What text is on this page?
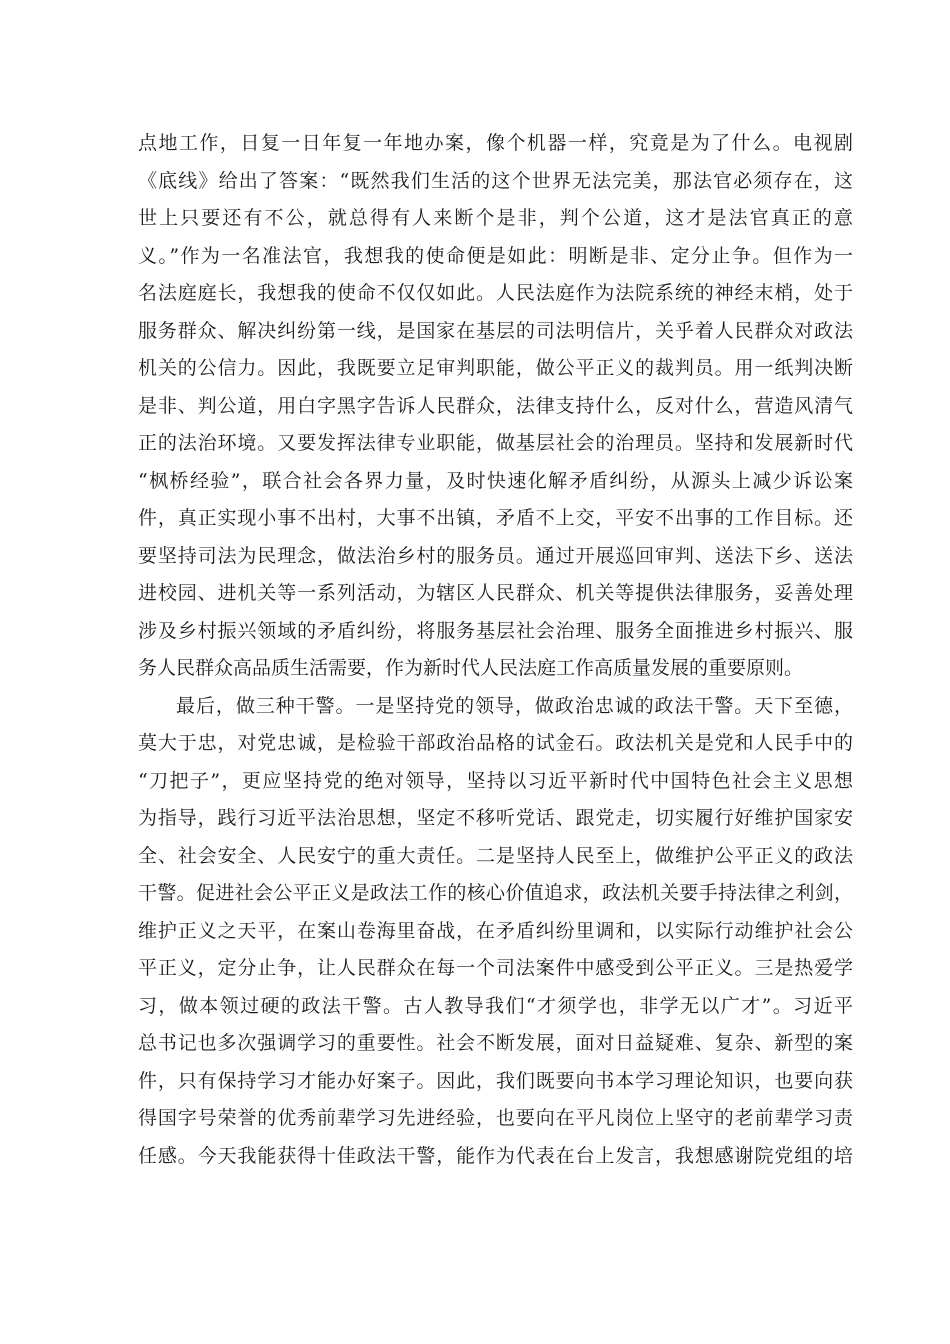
点地工作，日复一日年复一年地办案，像个机器一样，究竟是为了什么。电视剧
《底线》给出了答案：“既然我们生活的这个世界无法完美，那法官必须存在，这
世上只要还有不公，就总得有人来断个是非，判个公道，这才是法官真正的意
义。”作为一名准法官，我想我的使命便是如此：明断是非、定分止争。但作为一
名法庭庭长，我想我的使命不仅仅如此。人民法庭作为法院系统的神经末梢，处于
服务群众、解决纠纷第一线，是国家在基层的司法明信片，关乎着人民群众对政法
机关的公信力。因此，我既要立足审判职能，做公平正义的裁判员。用一纸判决断
是非、判公道，用白字黑字告诉人民群众，法律支持什么，反对什么，营造风清气
正的法治环境。又要发挥法律专业职能，做基层社会的治理员。坚持和发展新时代
“枫桥经验”，联合社会各界力量，及时快速化解矛盾纠纷，从源头上减少诉讼案
件，真正实现小事不出村，大事不出镇，矛盾不上交，平安不出事的工作目标。还
要坚持司法为民理念，做法治乡村的服务员。通过开展巡回审判、送法下乡、送法
进校园、进机关等一系列活动，为辖区人民群众、机关等提供法律服务，妥善处理
涉及乡村振兴领域的矛盾纠纷，将服务基层社会治理、服务全面推进乡村振兴、服
务人民群众高品质生活需要，作为新时代人民法庭工作高质量发展的重要原则。
最后，做三种干警。一是坚持党的领导，做政治忠诚的政法干警。天下至德，
莫大于忠，对党忠诚，是检验干部政治品格的试金石。政法机关是党和人民手中的
“刀把子”，更应坚持党的绝对领导，坚持以习近平新时代中国特色社会主义思想
为指导，践行习近平法治思想，坚定不移听党话、跟党走，切实履行好维护国家安
全、社会安全、人民安宁的重大责任。二是坚持人民至上，做维护公平正义的政法
干警。促进社会公平正义是政法工作的核心价值追求，政法机关要手持法律之利剑，
维护正义之天平，在案山卷海里奋战，在矛盾纠纷里调和，以实际行动维护社会公
平正义，定分止争，让人民群众在每一个司法案件中感受到公平正义。三是热爱学
习，做本领过硬的政法干警。古人教导我们“才须学也，非学无以广才”。习近平
总书记也多次强调学习的重要性。社会不断发展，面对日益疑难、复杂、新型的案
件，只有保持学习才能办好案子。因此，我们既要向书本学习理论知识，也要向获
得国字号荣誉的优秀前辈学习先进经验，也要向在平凡岗位上坚守的老前辈学习责
任感。今天我能获得十佳政法干警，能作为代表在台上发言，我想感谢院党组的培
